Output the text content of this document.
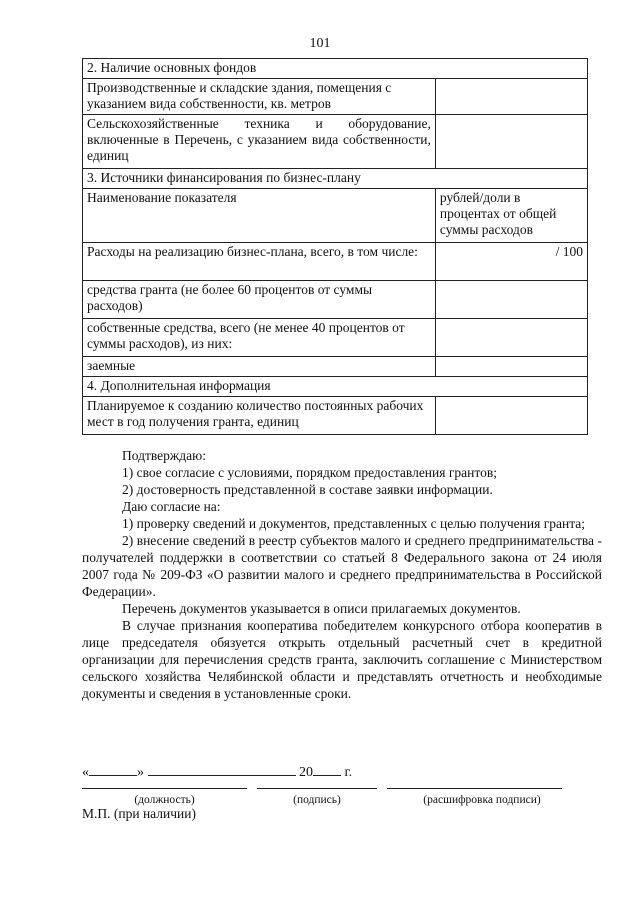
101
2. Наличие основных фондов	
Производственные и складские здания, помещения с указанием вида собственности, кв. метров	
Сельскохозяйственные техника и оборудование, включенные в Перечень, с указанием вида собственности, единиц	
3. Источники финансирования по бизнес-плану	
Наименование показателя	рублей/доли в процентах от общей суммы расходов
Расходы на реализацию бизнес-плана, всего, в том числе:	/ 100
средства гранта (не более 60 процентов от суммы расходов)	
собственные средства, всего (не менее 40 процентов от суммы расходов), из них:	
заемные	
4. Дополнительная информация	
Планируемое к созданию количество постоянных рабочих мест в год получения гранта, единиц	

Подтверждаю:

1) свое согласие с условиями, порядком предоставления грантов;

2) достоверность представленной в составе заявки информации.

Даю согласие на:

1) проверку сведений и документов, представленных с целью получения гранта;

2) внесение сведений в реестр субъектов малого и среднего предпринимательства - получателей поддержки в соответствии со статьей 8 Федерального закона от 24 июля 2007 года № 209-ФЗ «О развитии малого и среднего предпринимательства в Российской Федерации».

Перечень документов указывается в описи прилагаемых документов.

В случае признания кооператива победителем конкурсного отбора кооператив в лице председателя обязуется открыть отдельный расчетный счет в кредитной организации для перечисления средств гранта, заключить соглашение с Министерством сельского хозяйства Челябинской области и представлять отчетность и необходимые документы и сведения в установленные сроки.

«	»	20 г.
(должность)	(подпись)	(расшифровка подписи)
М.П. (при наличии)
